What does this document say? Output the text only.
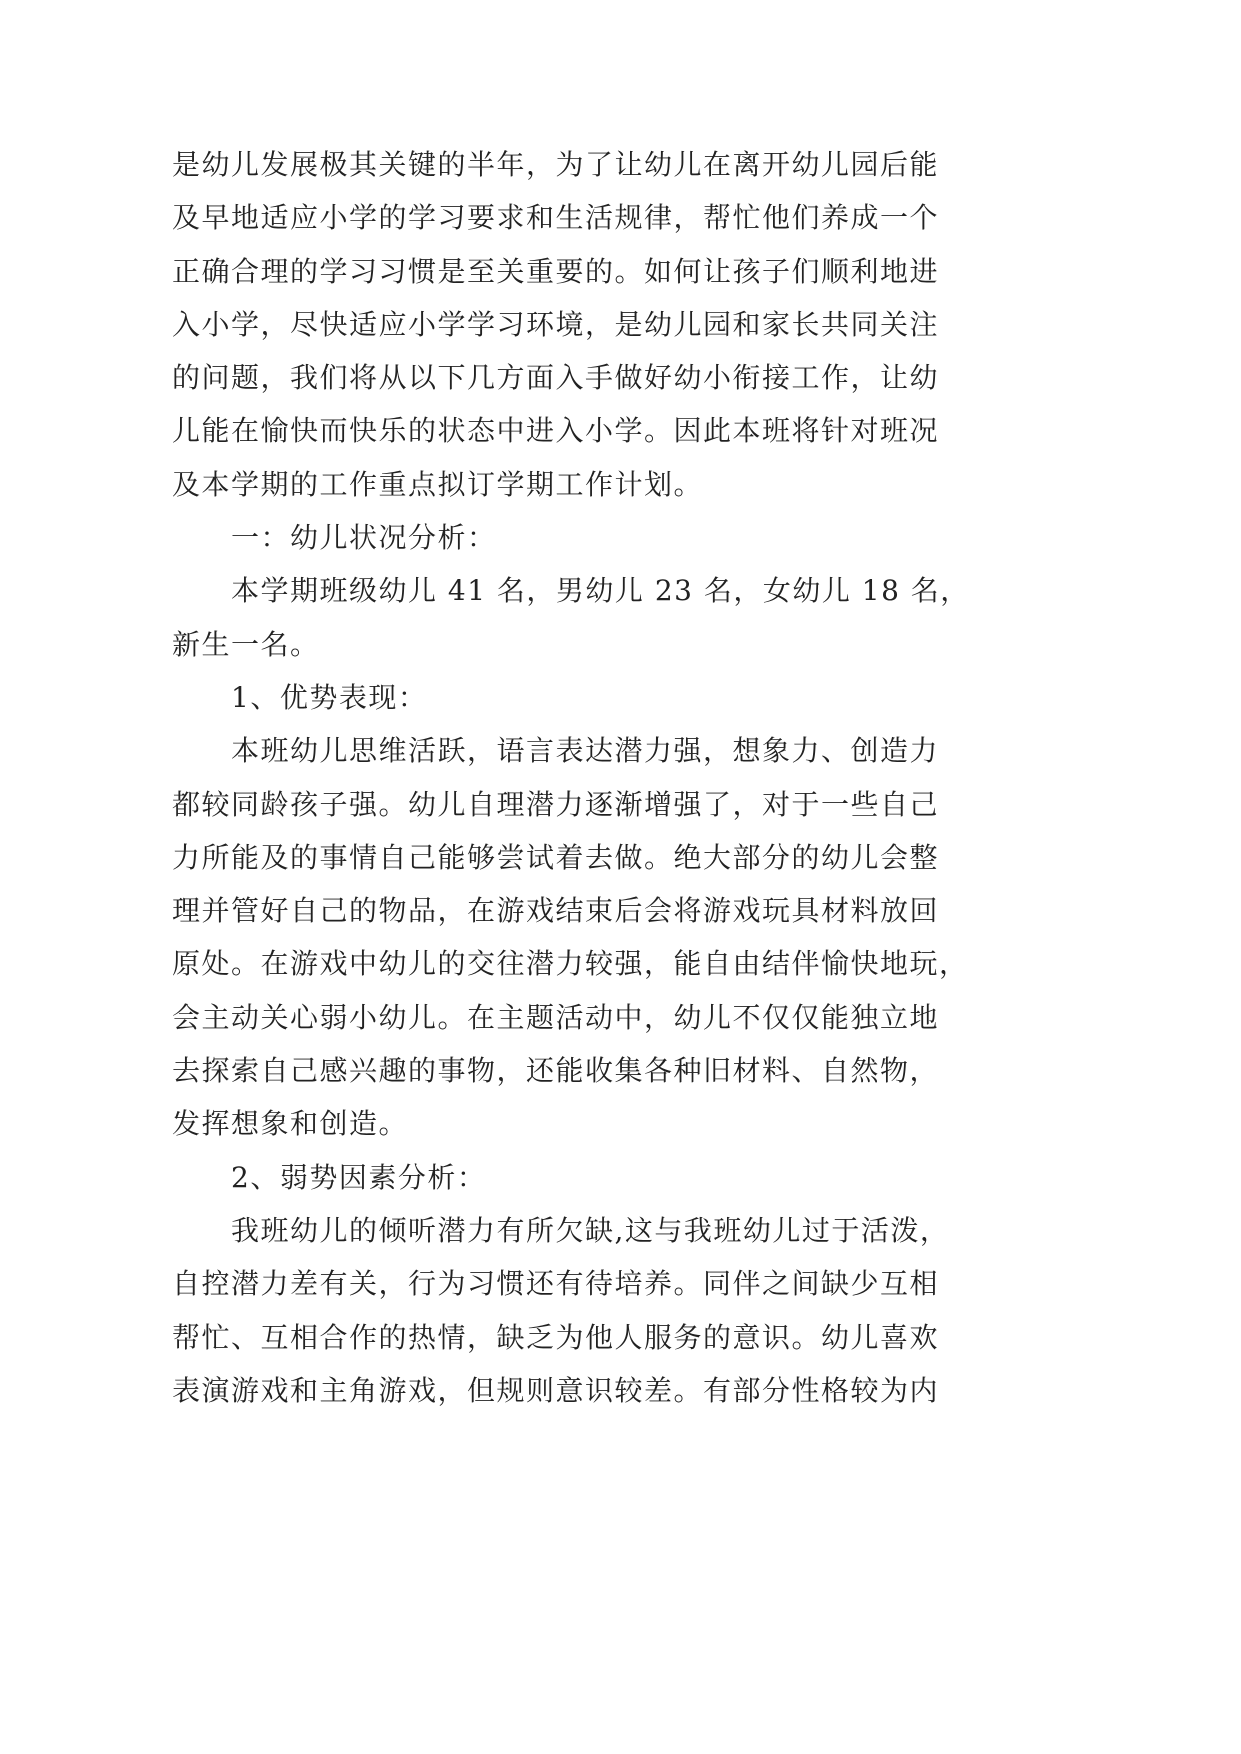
是幼儿发展极其关键的半年，为了让幼儿在离开幼儿园后能
及早地适应小学的学习要求和生活规律，帮忙他们养成一个
正确合理的学习习惯是至关重要的。如何让孩子们顺利地进
入小学，尽快适应小学学习环境，是幼儿园和家长共同关注
的问题，我们将从以下几方面入手做好幼小衔接工作，让幼
儿能在愉快而快乐的状态中进入小学。因此本班将针对班况
及本学期的工作重点拟订学期工作计划。
一：幼儿状况分析：
本学期班级幼儿 41 名，男幼儿 23 名，女幼儿 18 名，
新生一名。
1、优势表现：
本班幼儿思维活跃，语言表达潜力强，想象力、创造力
都较同龄孩子强。幼儿自理潜力逐渐增强了，对于一些自己
力所能及的事情自己能够尝试着去做。绝大部分的幼儿会整
理并管好自己的物品，在游戏结束后会将游戏玩具材料放回
原处。在游戏中幼儿的交往潜力较强，能自由结伴愉快地玩，
会主动关心弱小幼儿。在主题活动中，幼儿不仅仅能独立地
去探索自己感兴趣的事物，还能收集各种旧材料、自然物，
发挥想象和创造。
2、弱势因素分析：
我班幼儿的倾听潜力有所欠缺,这与我班幼儿过于活泼，
自控潜力差有关，行为习惯还有待培养。同伴之间缺少互相
帮忙、互相合作的热情，缺乏为他人服务的意识。幼儿喜欢
表演游戏和主角游戏，但规则意识较差。有部分性格较为内
